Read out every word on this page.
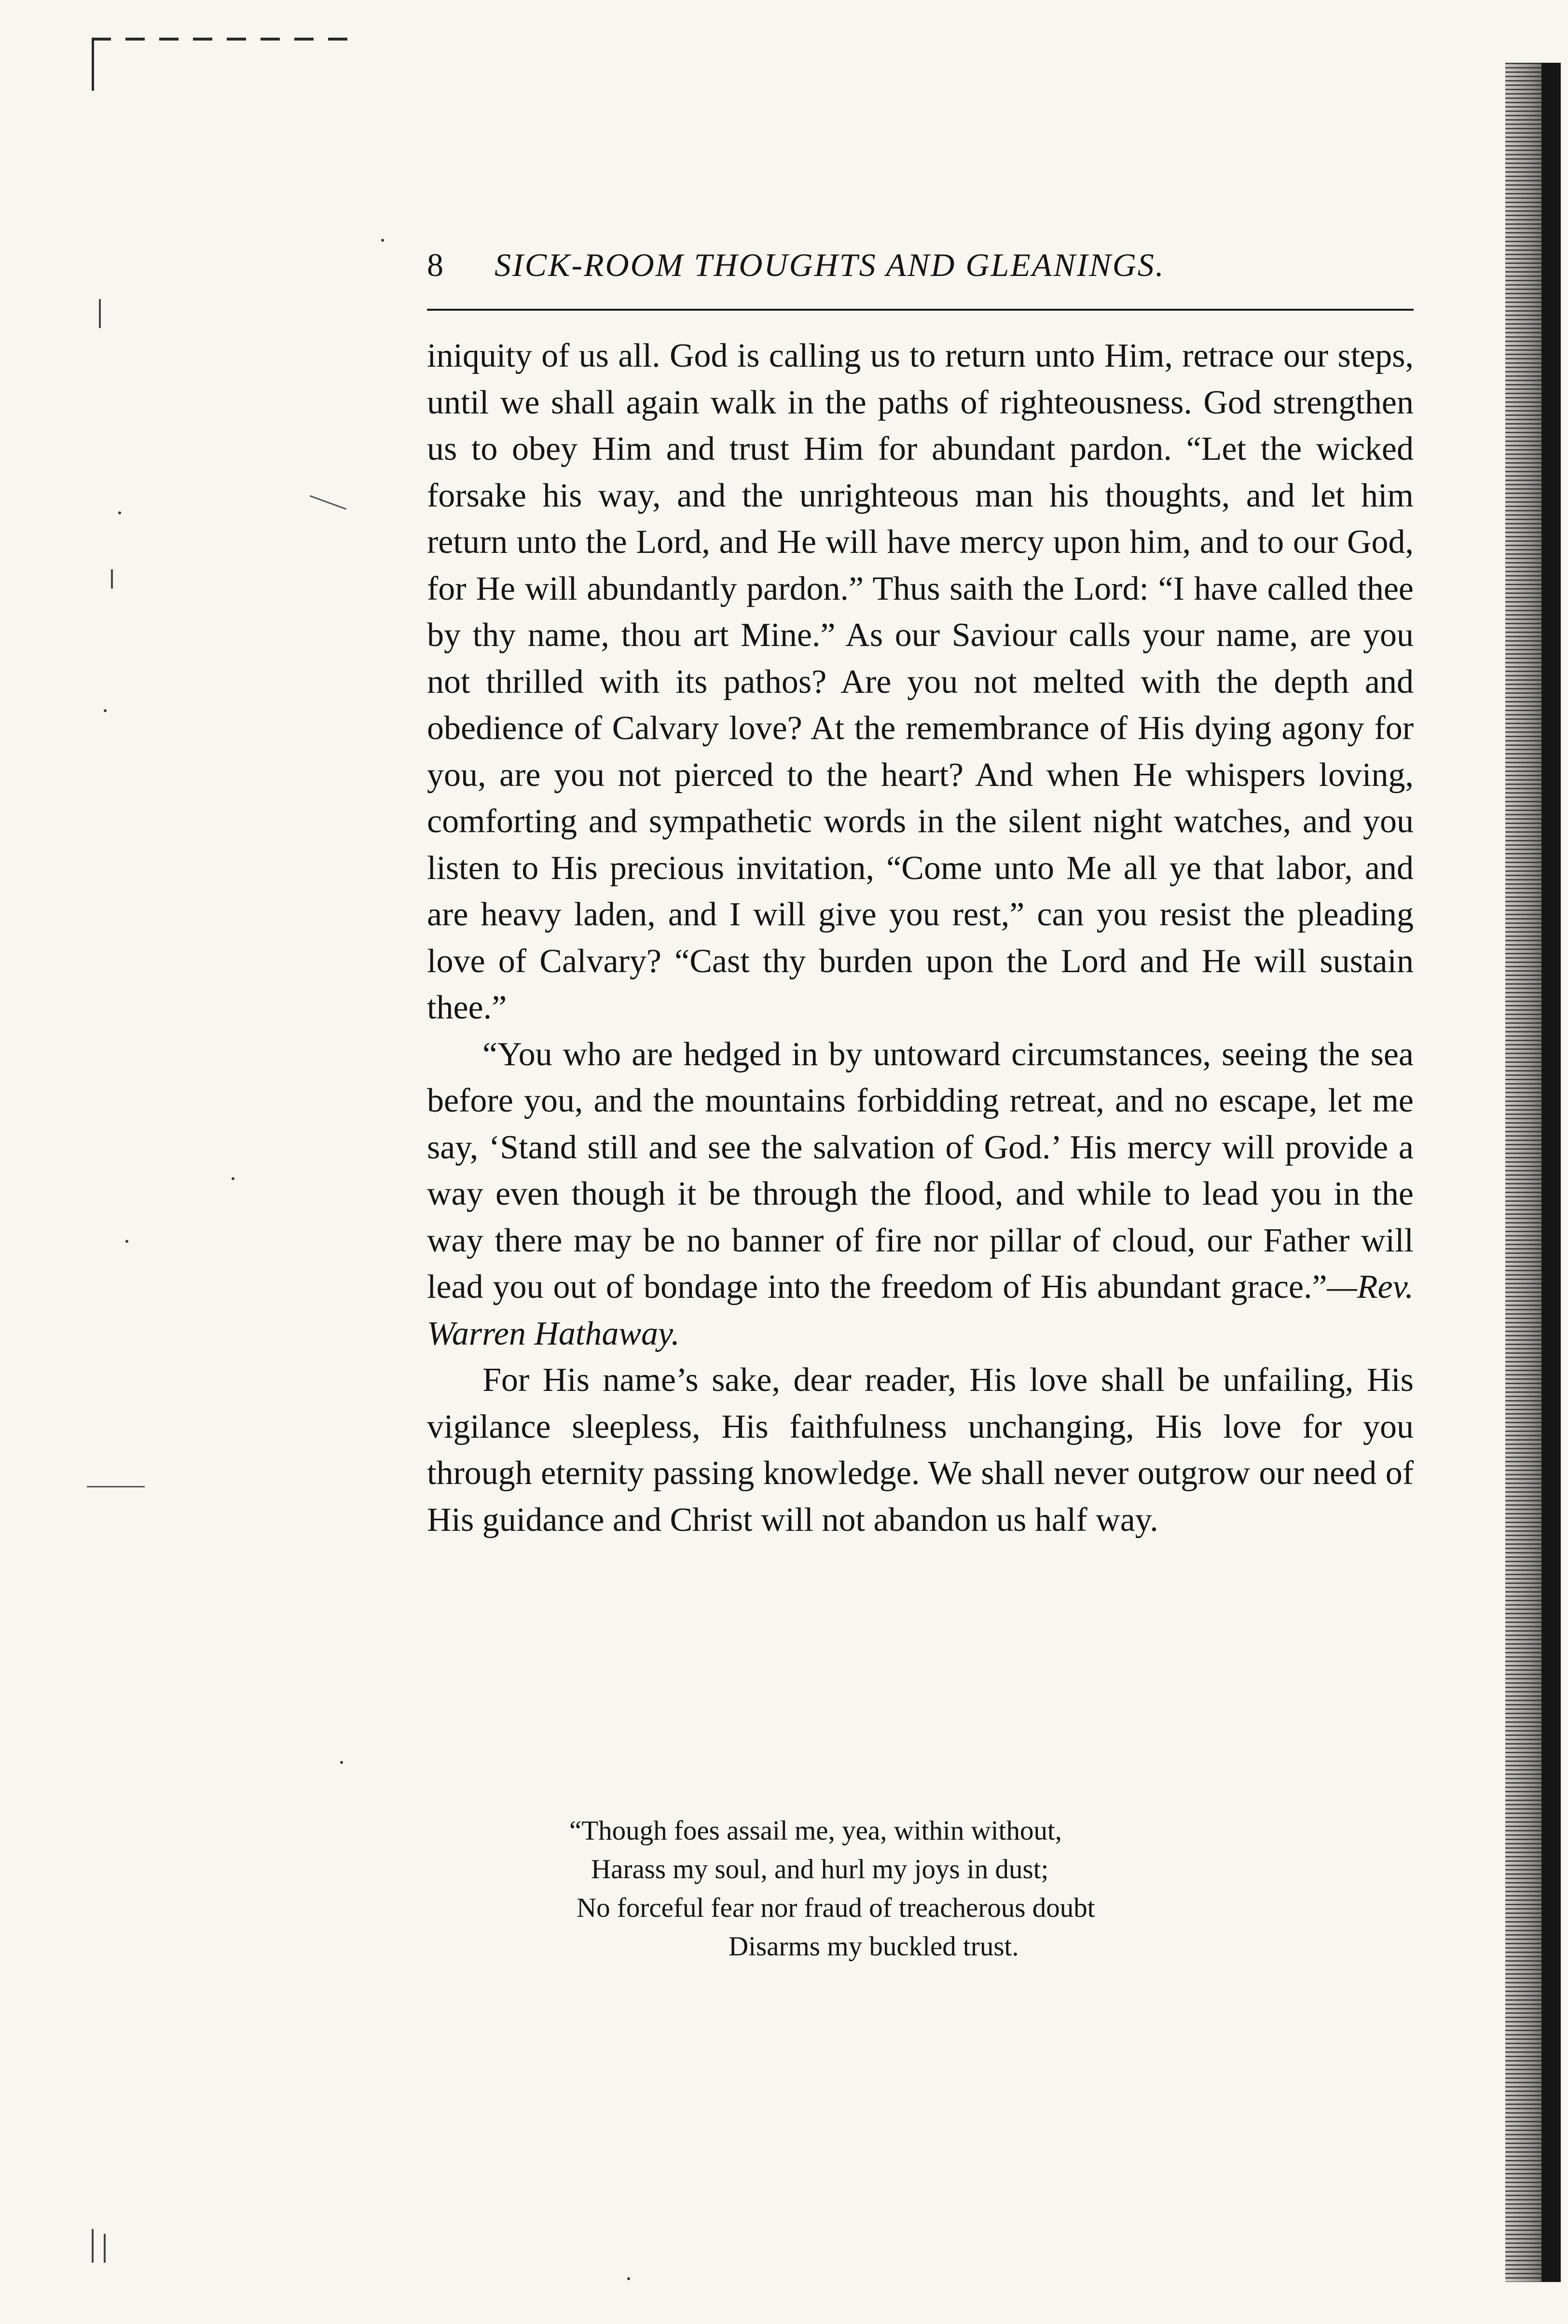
8	SICK-ROOM THOUGHTS AND GLEANINGS.

iniquity of us all. God is calling us to return unto Him, retrace our steps, until we shall again walk in the paths of righteousness. God strengthen us to obey Him and trust Him for abundant pardon. “Let the wicked forsake his way, and the unrighteous man his thoughts, and let him return unto the Lord, and He will have mercy upon him, and to our God, for He will abundantly pardon.” Thus saith the Lord: “I have called thee by thy name, thou art Mine.” As our Saviour calls your name, are you not thrilled with its pathos? Are you not melted with the depth and obedience of Calvary love? At the remembrance of His dying agony for you, are you not pierced to the heart? And when He whispers loving, comforting and sympathetic words in the silent night watches, and you listen to His precious invitation, “Come unto Me all ye that labor, and are heavy laden, and I will give you rest,” can you resist the pleading love of Calvary? “Cast thy burden upon the Lord and He will sustain thee.”

“You who are hedged in by untoward circumstances, seeing the sea before you, and the mountains forbidding retreat, and no escape, let me say, ‘Stand still and see the salvation of God.’ His mercy will provide a way even though it be through the flood, and while to lead you in the way there may be no banner of fire nor pillar of cloud, our Father will lead you out of bondage into the freedom of His abundant grace.”—Rev. Warren Hathaway.

For His name’s sake, dear reader, His love shall be unfailing, His vigilance sleepless, His faithfulness unchanging, His love for you through eternity passing knowledge. We shall never outgrow our need of His guidance and Christ will not abandon us half way.

“Though foes assail me, yea, within without,
Harass my soul, and hurl my joys in dust;
No forceful fear nor fraud of treacherous doubt
Disarms my buckled trust.
